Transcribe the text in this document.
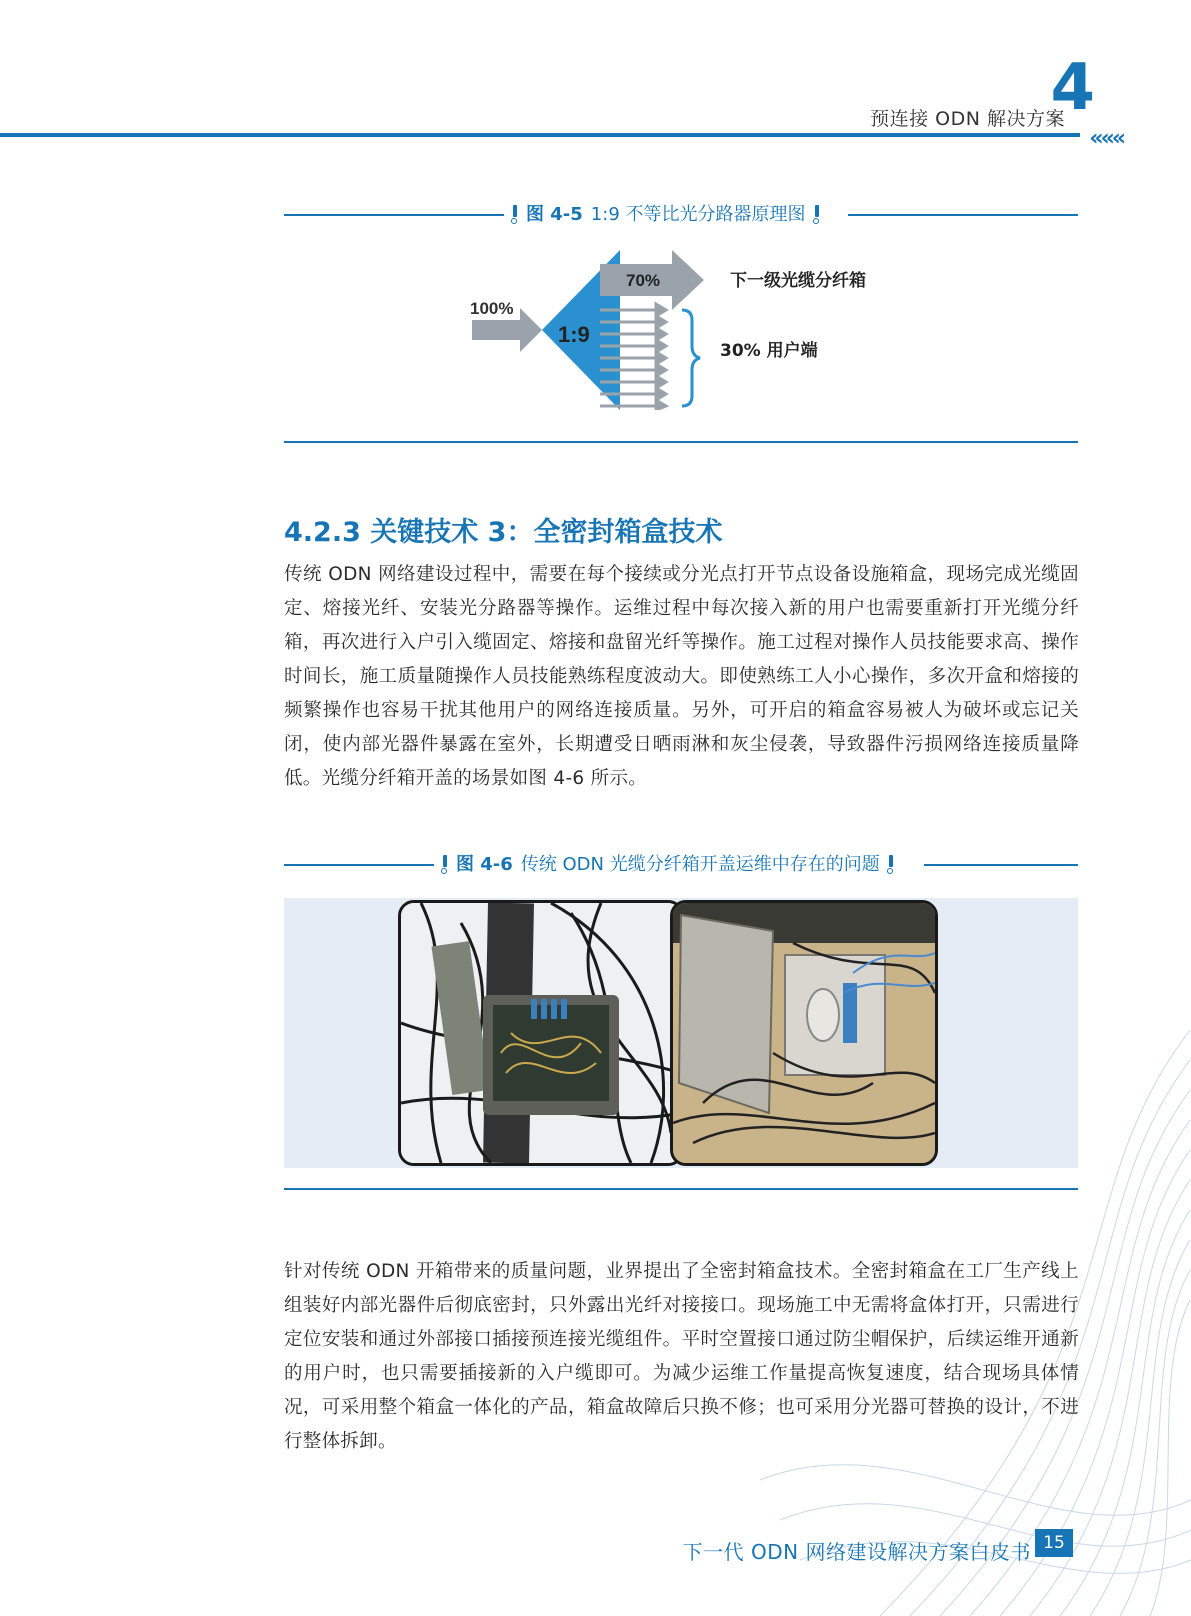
4
预连接 ODN 解决方案
«««
图 4-5 1:9 不等比光分路器原理图
100%
1:9
70%	下一级光缆分纤箱
30% 用户端
4.2.3 关键技术 3：全密封箱盒技术

传统 ODN 网络建设过程中，需要在每个接续或分光点打开节点设备设施箱盒，现场完成光缆固定、熔接光纤、安装光分路器等操作。运维过程中每次接入新的用户也需要重新打开光缆分纤箱，再次进行入户引入缆固定、熔接和盘留光纤等操作。施工过程对操作人员技能要求高、操作时间长，施工质量随操作人员技能熟练程度波动大。即使熟练工人小心操作，多次开盒和熔接的频繁操作也容易干扰其他用户的网络连接质量。另外，可开启的箱盒容易被人为破坏或忘记关闭，使内部光器件暴露在室外，长期遭受日晒雨淋和灰尘侵袭，导致器件污损网络连接质量降低。光缆分纤箱开盖的场景如图 4-6 所示。

图 4-6 传统 ODN 光缆分纤箱开盖运维中存在的问题

针对传统 ODN 开箱带来的质量问题，业界提出了全密封箱盒技术。全密封箱盒在工厂生产线上组装好内部光器件后彻底密封，只外露出光纤对接接口。现场施工中无需将盒体打开，只需进行定位安装和通过外部接口插接预连接光缆组件。平时空置接口通过防尘帽保护，后续运维开通新的用户时，也只需要插接新的入户缆即可。为减少运维工作量提高恢复速度，结合现场具体情况，可采用整个箱盒一体化的产品，箱盒故障后只换不修；也可采用分光器可替换的设计，不进行整体拆卸。

下一代 ODN 网络建设解决方案白皮书 15
